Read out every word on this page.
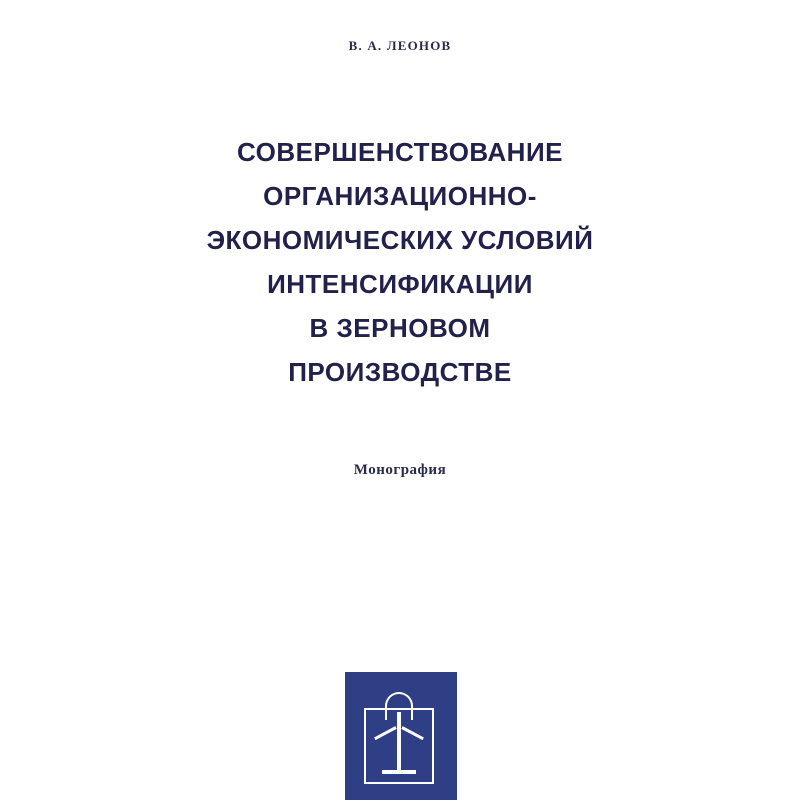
В. А. ЛЕОНОВ
СОВЕРШЕНСТВОВАНИЕ
ОРГАНИЗАЦИОННО-
ЭКОНОМИЧЕСКИХ УСЛОВИЙ
ИНТЕНСИФИКАЦИИ
В ЗЕРНОВОМ
ПРОИЗВОДСТВЕ
Монография
